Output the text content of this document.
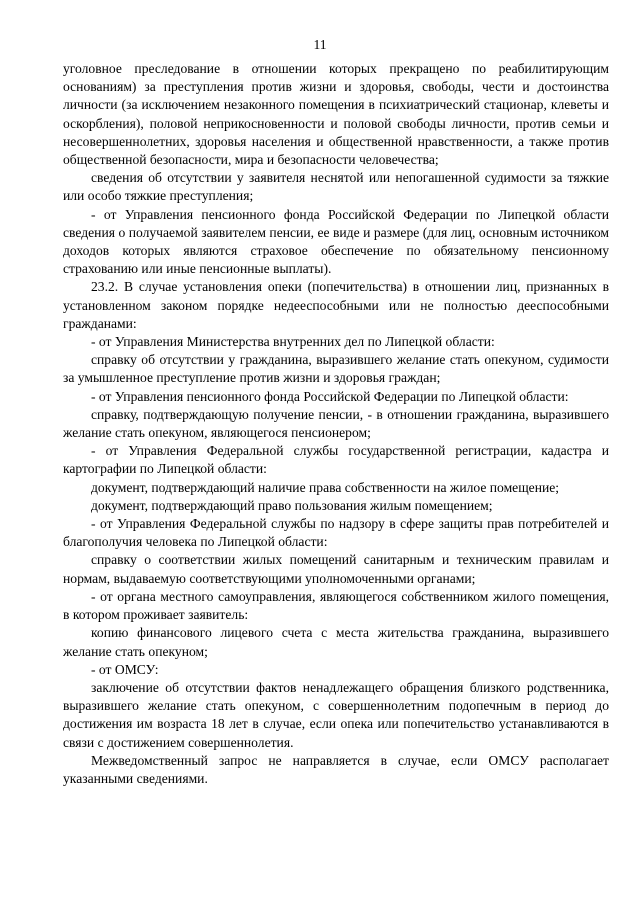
11

уголовное преследование в отношении которых прекращено по реабилитирующим основаниям) за преступления против жизни и здоровья, свободы, чести и достоинства личности (за исключением незаконного помещения в психиатрический стационар, клеветы и оскорбления), половой неприкосновенности и половой свободы личности, против семьи и несовершеннолетних, здоровья населения и общественной нравственности, а также против общественной безопасности, мира и безопасности человечества;

сведения об отсутствии у заявителя неснятой или непогашенной судимости за тяжкие или особо тяжкие преступления;

- от Управления пенсионного фонда Российской Федерации по Липецкой области сведения о получаемой заявителем пенсии, ее виде и размере (для лиц, основным источником доходов которых являются страховое обеспечение по обязательному пенсионному страхованию или иные пенсионные выплаты).

23.2. В случае установления опеки (попечительства) в отношении лиц, признанных в установленном законом порядке недееспособными или не полностью дееспособными гражданами:

- от Управления Министерства внутренних дел по Липецкой области:

справку об отсутствии у гражданина, выразившего желание стать опекуном, судимости за умышленное преступление против жизни и здоровья граждан;

- от Управления пенсионного фонда Российской Федерации по Липецкой области:

справку, подтверждающую получение пенсии, - в отношении гражданина, выразившего желание стать опекуном, являющегося пенсионером;

- от Управления Федеральной службы государственной регистрации, кадастра и картографии по Липецкой области:

документ, подтверждающий наличие права собственности на жилое помещение;

документ, подтверждающий право пользования жилым помещением;

- от Управления Федеральной службы по надзору в сфере защиты прав потребителей и благополучия человека по Липецкой области:

справку о соответствии жилых помещений санитарным и техническим правилам и нормам, выдаваемую соответствующими уполномоченными органами;

- от органа местного самоуправления, являющегося собственником жилого помещения, в котором проживает заявитель:

копию финансового лицевого счета с места жительства гражданина, выразившего желание стать опекуном;

- от ОМСУ:

заключение об отсутствии фактов ненадлежащего обращения близкого родственника, выразившего желание стать опекуном, с совершеннолетним подопечным в период до достижения им возраста 18 лет в случае, если опека или попечительство устанавливаются в связи с достижением совершеннолетия.

Межведомственный запрос не направляется в случае, если ОМСУ располагает указанными сведениями.
